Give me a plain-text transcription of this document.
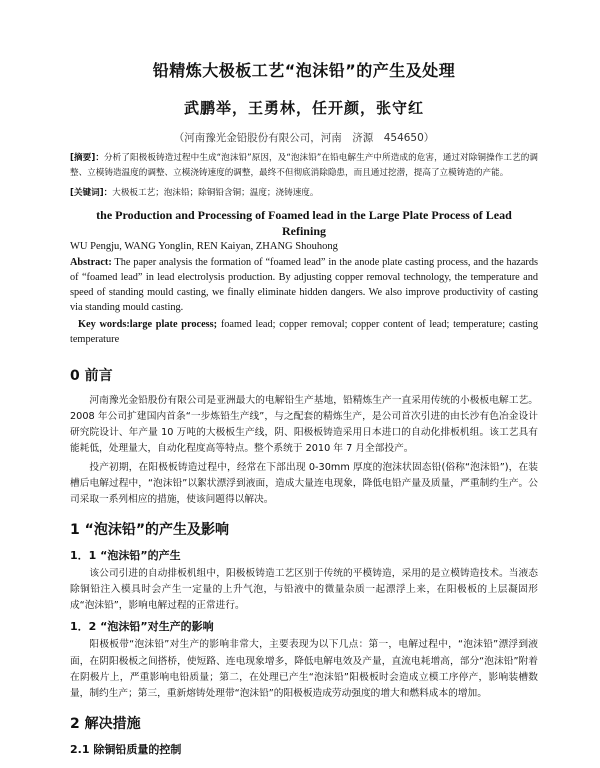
铅精炼大极板工艺“泡沫铅”的产生及处理
武鹏举，王勇林，任开颜，张守红
（河南豫光金铅股份有限公司，河南　济源　454650）

[摘要]：分析了阳极板铸造过程中生成“泡沫铅”原因，及“泡沫铅”在铅电解生产中所造成的危害，通过对除铜操作工艺的调整、立模铸造温度的调整、立模浇铸速度的调整，最终不但彻底消除隐患，而且通过挖潜，提高了立模铸造的产能。

[关键词]：大极板工艺；泡沫铅；除铜铅含铜；温度；浇铸速度。

the Production and Processing of Foamed lead in the Large Plate Process of Lead Refining
WU Pengju, WANG Yonglin, REN Kaiyan, ZHANG Shouhong

Abstract: The paper analysis the formation of “foamed lead” in the anode plate casting process, and the hazards of “foamed lead” in lead electrolysis production. By adjusting copper removal technology, the temperature and speed of standing mould casting, we finally eliminate hidden dangers. We also improve productivity of casting via standing mould casting.

Key words:large plate process; foamed lead; copper removal; copper content of lead; temperature; casting temperature

0 前言

河南豫光金铅股份有限公司是亚洲最大的电解铅生产基地，铅精炼生产一直采用传统的小极板电解工艺。2008 年公司扩建国内首条“一步炼铅生产线”，与之配套的精炼生产，是公司首次引进的由长沙有色冶金设计研究院设计、年产量 10 万吨的大极板生产线，阴、阳极板铸造采用日本进口的自动化排板机组。该工艺具有能耗低，处理量大，自动化程度高等特点。整个系统于 2010 年 7 月全部投产。

投产初期，在阳极板铸造过程中，经常在下部出现 0-30mm 厚度的泡沫状固态铅(俗称“泡沫铅”)，在装槽后电解过程中，“泡沫铅”以絮状漂浮到液面，造成大量连电现象，降低电铅产量及质量，严重制约生产。公司采取一系列相应的措施，使该问题得以解决。

1 “泡沫铅”的产生及影响
1．1 “泡沫铅”的产生

该公司引进的自动排板机组中，阳极板铸造工艺区别于传统的平模铸造，采用的是立模铸造技术。当液态除铜铅注入模具时会产生一定量的上升气泡，与铅液中的微量杂质一起漂浮上来，在阳极板的上层凝固形成“泡沫铅”，影响电解过程的正常进行。

1．2 “泡沫铅”对生产的影响

阳极板带“泡沫铅”对生产的影响非常大，主要表现为以下几点：第一，电解过程中，“泡沫铅”漂浮到液面，在阴阳极板之间搭桥，使短路、连电现象增多，降低电解电效及产量，直流电耗增高，部分“泡沫铅”附着在阴极片上，严重影响电铅质量；第二，在处理已产生“泡沫铅”阳极板时会造成立模工序停产，影响装槽数量，制约生产；第三，重新熔铸处理带“泡沫铅”的阳极板造成劳动强度的增大和燃料成本的增加。

2 解决措施
2.1 除铜铅质量的控制
